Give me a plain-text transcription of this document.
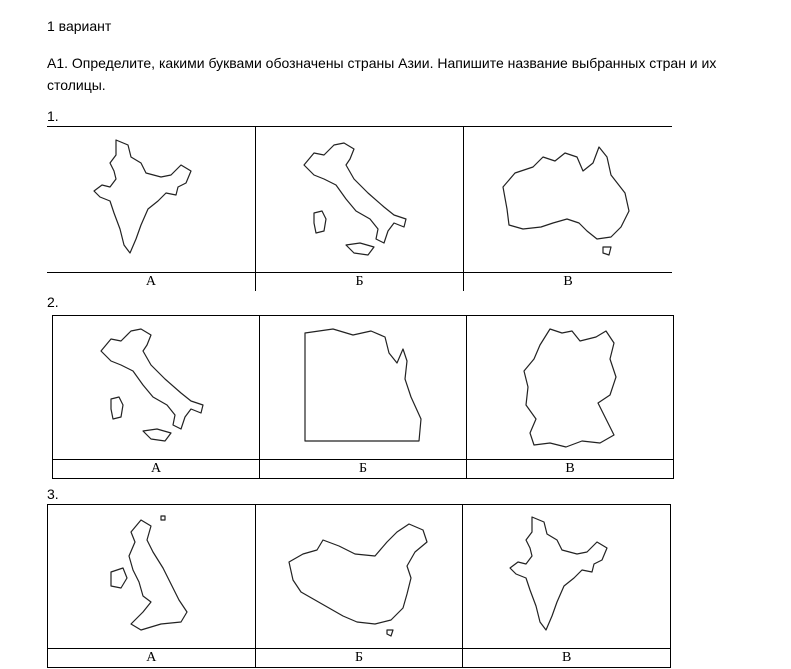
1 вариант
А1. Определите, какими буквами обозначены страны Азии. Напишите название выбранных стран и их столицы.
1.

А	Б	В
2.

А	Б	В
3.

А	Б	В
